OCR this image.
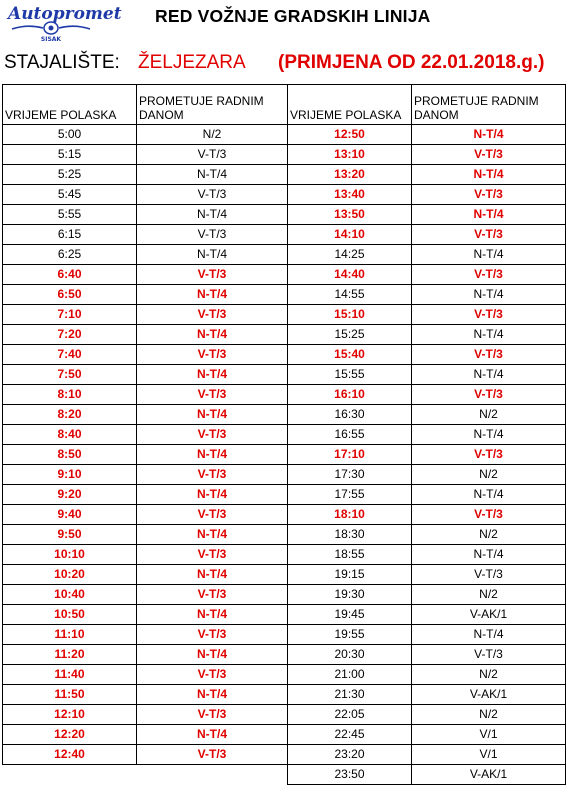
Autopromet
SISAK
RED VOŽNJE GRADSKIH LINIJA
STAJALIŠTE: ŽELJEZARA (PRIMJENA OD 22.01.2018.g.)
VRIJEME POLASKA	PROMETUJE RADNIM DANOM	VRIJEME POLASKA	PROMETUJE RADNIM DANOM
5:00	N/2	12:50	N-T/4
5:15	V-T/3	13:10	V-T/3
5:25	N-T/4	13:20	N-T/4
5:45	V-T/3	13:40	V-T/3
5:55	N-T/4	13:50	N-T/4
6:15	V-T/3	14:10	V-T/3
6:25	N-T/4	14:25	N-T/4
6:40	V-T/3	14:40	V-T/3
6:50	N-T/4	14:55	N-T/4
7:10	V-T/3	15:10	V-T/3
7:20	N-T/4	15:25	N-T/4
7:40	V-T/3	15:40	V-T/3
7:50	N-T/4	15:55	N-T/4
8:10	V-T/3	16:10	V-T/3
8:20	N-T/4	16:30	N/2
8:40	V-T/3	16:55	N-T/4
8:50	N-T/4	17:10	V-T/3
9:10	V-T/3	17:30	N/2
9:20	N-T/4	17:55	N-T/4
9:40	V-T/3	18:10	V-T/3
9:50	N-T/4	18:30	N/2
10:10	V-T/3	18:55	N-T/4
10:20	N-T/4	19:15	V-T/3
10:40	V-T/3	19:30	N/2
10:50	N-T/4	19:45	V-AK/1
11:10	V-T/3	19:55	N-T/4
11:20	N-T/4	20:30	V-T/3
11:40	V-T/3	21:00	N/2
11:50	N-T/4	21:30	V-AK/1
12:10	V-T/3	22:05	N/2
12:20	N-T/4	22:45	V/1
12:40	V-T/3	23:20	V/1
		23:50	V-AK/1
